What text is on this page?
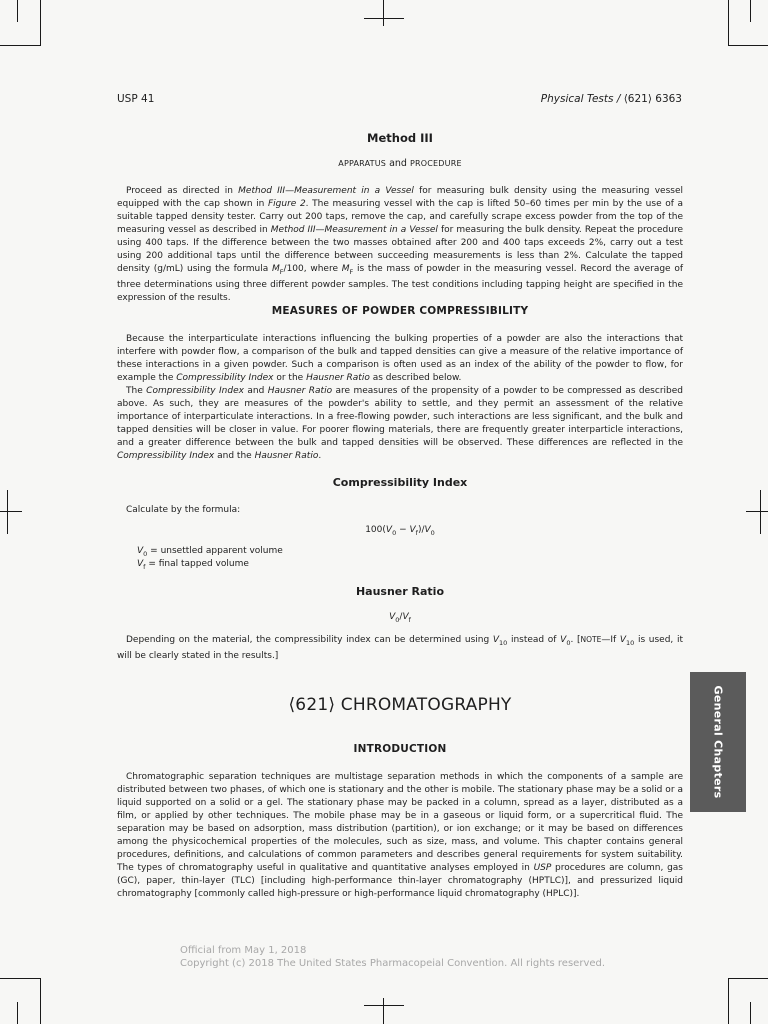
USP 41	Physical Tests / ⟨621⟩ 6363
Method III
APPARATUS and PROCEDURE

Proceed as directed in Method III—Measurement in a Vessel for measuring bulk density using the measuring vessel equipped with the cap shown in Figure 2. The measuring vessel with the cap is lifted 50–60 times per min by the use of a suitable tapped density tester. Carry out 200 taps, remove the cap, and carefully scrape excess powder from the top of the measuring vessel as described in Method III—Measurement in a Vessel for measuring the bulk density. Repeat the procedure using 400 taps. If the difference between the two masses obtained after 200 and 400 taps exceeds 2%, carry out a test using 200 additional taps until the difference between succeeding measurements is less than 2%. Calculate the tapped density (g/mL) using the formula $M_F/100$, where $M_F$ is the mass of powder in the measuring vessel. Record the average of three determinations using three different powder samples. The test conditions including tapping height are specified in the expression of the results.

MEASURES OF POWDER COMPRESSIBILITY

Because the interparticulate interactions influencing the bulking properties of a powder are also the interactions that interfere with powder flow, a comparison of the bulk and tapped densities can give a measure of the relative importance of these interactions in a given powder. Such a comparison is often used as an index of the ability of the powder to flow, for example the Compressibility Index or the Hausner Ratio as described below.

The Compressibility Index and Hausner Ratio are measures of the propensity of a powder to be compressed as described above. As such, they are measures of the powder's ability to settle, and they permit an assessment of the relative importance of interparticulate interactions. In a free-flowing powder, such interactions are less significant, and the bulk and tapped densities will be closer in value. For poorer flowing materials, there are frequently greater interparticle interactions, and a greater difference between the bulk and tapped densities will be observed. These differences are reflected in the Compressibility Index and the Hausner Ratio.

Compressibility Index
Calculate by the formula:
$100(V_0 - V_f)/V_0$
$V_0$ = unsettled apparent volume
$V_f$ = final tapped volume
Hausner Ratio
$V_0/V_f$

Depending on the material, the compressibility index can be determined using $V_{10}$ instead of $V_0$. [NOTE—If $V_{10}$ is used, it will be clearly stated in the results.]

⟨621⟩ CHROMATOGRAPHY
INTRODUCTION

Chromatographic separation techniques are multistage separation methods in which the components of a sample are distributed between two phases, of which one is stationary and the other is mobile. The stationary phase may be a solid or a liquid supported on a solid or a gel. The stationary phase may be packed in a column, spread as a layer, distributed as a film, or applied by other techniques. The mobile phase may be in a gaseous or liquid form, or a supercritical fluid. The separation may be based on adsorption, mass distribution (partition), or ion exchange; or it may be based on differences among the physicochemical properties of the molecules, such as size, mass, and volume. This chapter contains general procedures, definitions, and calculations of common parameters and describes general requirements for system suitability. The types of chromatography useful in qualitative and quantitative analyses employed in USP procedures are column, gas (GC), paper, thin-layer (TLC) [including high-performance thin-layer chromatography (HPTLC)], and pressurized liquid chromatography [commonly called high-pressure or high-performance liquid chromatography (HPLC)].

General Chapters
Official from May 1, 2018
Copyright (c) 2018 The United States Pharmacopeial Convention. All rights reserved.
